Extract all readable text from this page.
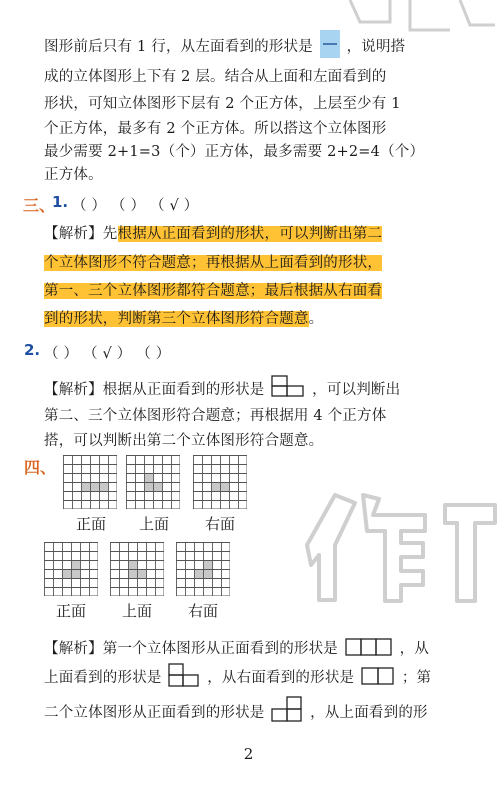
图形前后只有 1 行，从左面看到的形状是 ，说明搭
成的立体图形上下有 2 层。结合从上面和左面看到的
形状，可知立体图形下层有 2 个正方体，上层至少有 1
个正方体，最多有 2 个正方体。所以搭这个立体图形
最少需要 2+1=3（个）正方体，最多需要 2+2=4（个）
正方体。
三、
1. （ ） （ ） （ √ ）
【解析】先根据从正面看到的形状，可以判断出第二
个立体图形不符合题意；再根据从上面看到的形状，
第一、三个立体图形都符合题意；最后根据从右面看
到的形状，判断第三个立体图形符合题意。
2. （ ） （ √ ） （ ）
【解析】根据从正面看到的形状是	，可以判断出
第二、三个立体图形符合题意；再根据用 4 个正方体
搭，可以判断出第二个立体图形符合题意。
四、
正面	上面	右面
正面	上面	右面
【解析】第一个立体图形从正面看到的形状是	，从
上面看到的形状是	，从右面看到的形状是	；第
二个立体图形从正面看到的形状是	，从上面看到的形
2
